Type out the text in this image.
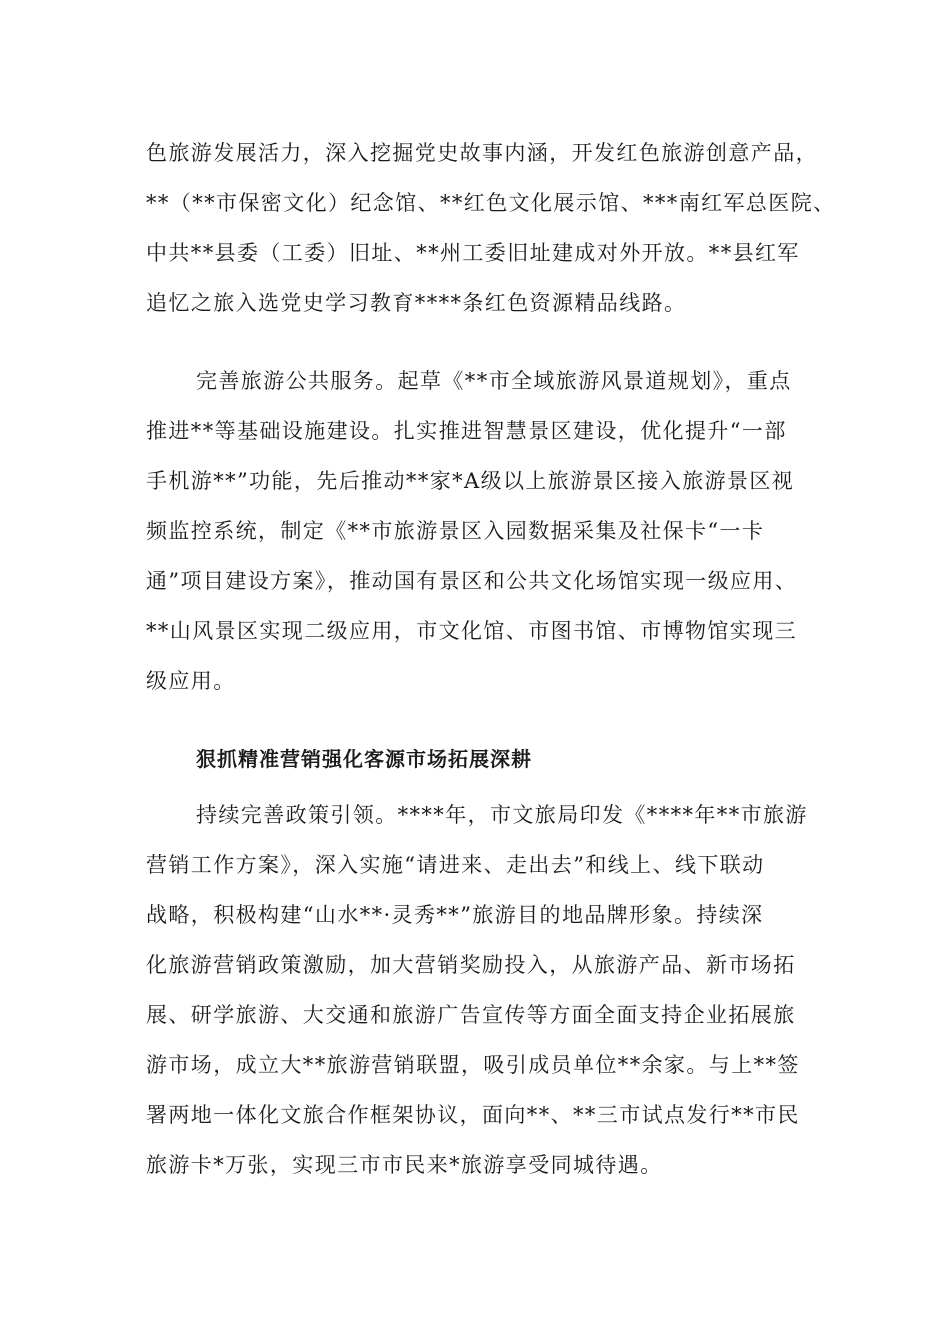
色旅游发展活力，深入挖掘党史故事内涵，开发红色旅游创意产品，
**（**市保密文化）纪念馆、**红色文化展示馆、***南红军总医院、
中共**县委（工委）旧址、**州工委旧址建成对外开放。**县红军
追忆之旅入选党史学习教育****条红色资源精品线路。
完善旅游公共服务。起草《**市全域旅游风景道规划》，重点
推进**等基础设施建设。扎实推进智慧景区建设，优化提升“一部
手机游**”功能，先后推动**家*A级以上旅游景区接入旅游景区视
频监控系统，制定《**市旅游景区入园数据采集及社保卡“一卡
通”项目建设方案》，推动国有景区和公共文化场馆实现一级应用、
**山风景区实现二级应用，市文化馆、市图书馆、市博物馆实现三
级应用。
狠抓精准营销强化客源市场拓展深耕
持续完善政策引领。****年，市文旅局印发《****年**市旅游
营销工作方案》，深入实施“请进来、走出去”和线上、线下联动
战略，积极构建“山水**·灵秀**”旅游目的地品牌形象。持续深
化旅游营销政策激励，加大营销奖励投入，从旅游产品、新市场拓
展、研学旅游、大交通和旅游广告宣传等方面全面支持企业拓展旅
游市场，成立大**旅游营销联盟，吸引成员单位**余家。与上**签
署两地一体化文旅合作框架协议，面向**、**三市试点发行**市民
旅游卡*万张，实现三市市民来*旅游享受同城待遇。
